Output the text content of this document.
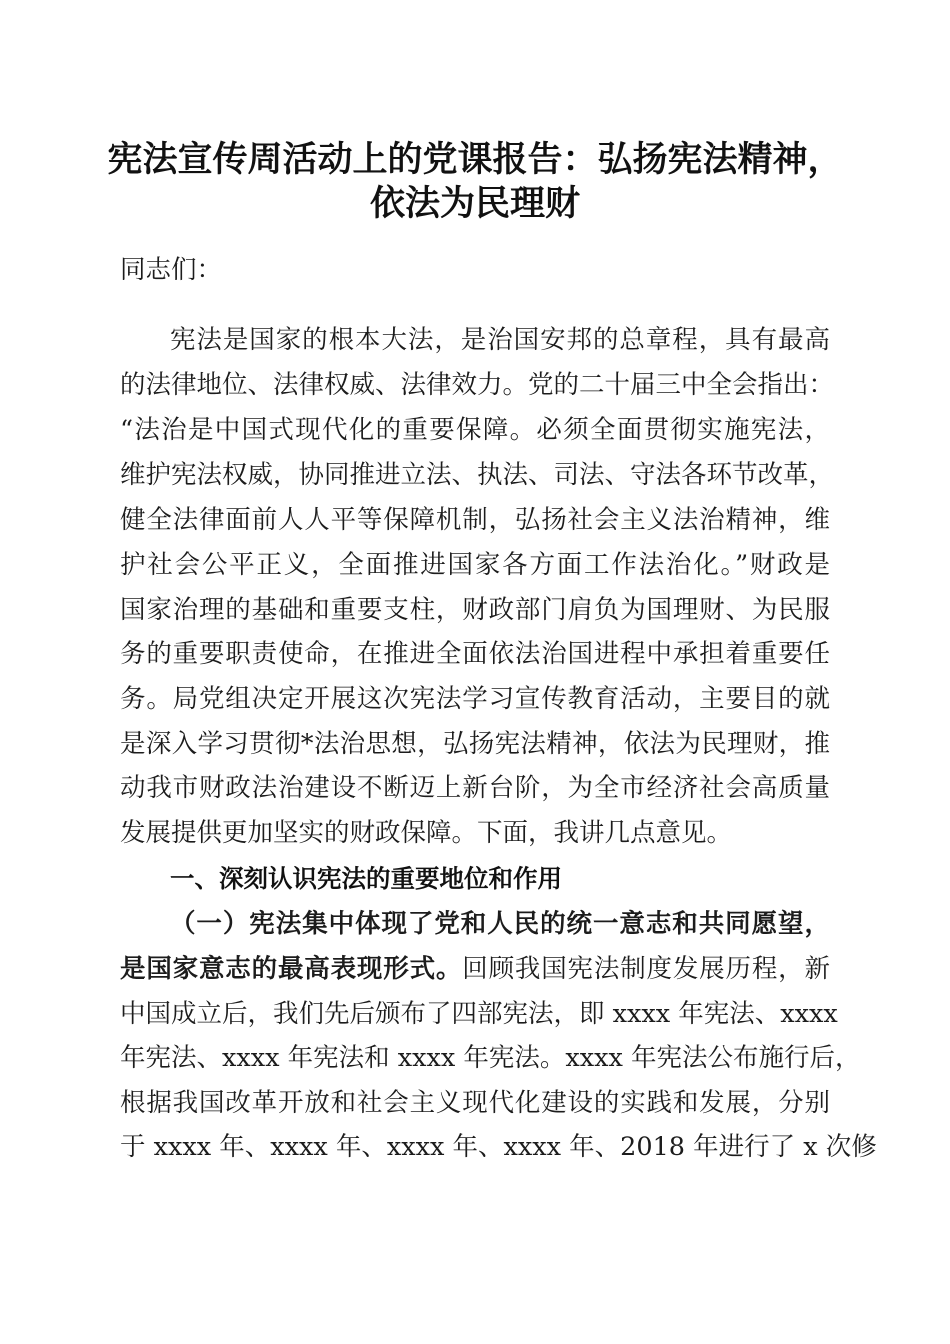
宪法宣传周活动上的党课报告：弘扬宪法精神，
依法为民理财
同志们：
宪法是国家的根本大法，是治国安邦的总章程，具有最高
的法律地位、法律权威、法律效力。党的二十届三中全会指出：
“法治是中国式现代化的重要保障。必须全面贯彻实施宪法，
维护宪法权威，协同推进立法、执法、司法、守法各环节改革，
健全法律面前人人平等保障机制，弘扬社会主义法治精神，维
护社会公平正义，全面推进国家各方面工作法治化。”财政是
国家治理的基础和重要支柱，财政部门肩负为国理财、为民服
务的重要职责使命，在推进全面依法治国进程中承担着重要任
务。局党组决定开展这次宪法学习宣传教育活动，主要目的就
是深入学习贯彻*法治思想，弘扬宪法精神，依法为民理财，推
动我市财政法治建设不断迈上新台阶，为全市经济社会高质量
发展提供更加坚实的财政保障。下面，我讲几点意见。
一、深刻认识宪法的重要地位和作用
（一）宪法集中体现了党和人民的统一意志和共同愿望，
是国家意志的最高表现形式。回顾我国宪法制度发展历程，新
中国成立后，我们先后颁布了四部宪法，即 xxxx 年宪法、xxxx
年宪法、xxxx 年宪法和 xxxx 年宪法。xxxx 年宪法公布施行后，
根据我国改革开放和社会主义现代化建设的实践和发展，分别
于 xxxx 年、xxxx 年、xxxx 年、xxxx 年、2018 年进行了 x 次修
